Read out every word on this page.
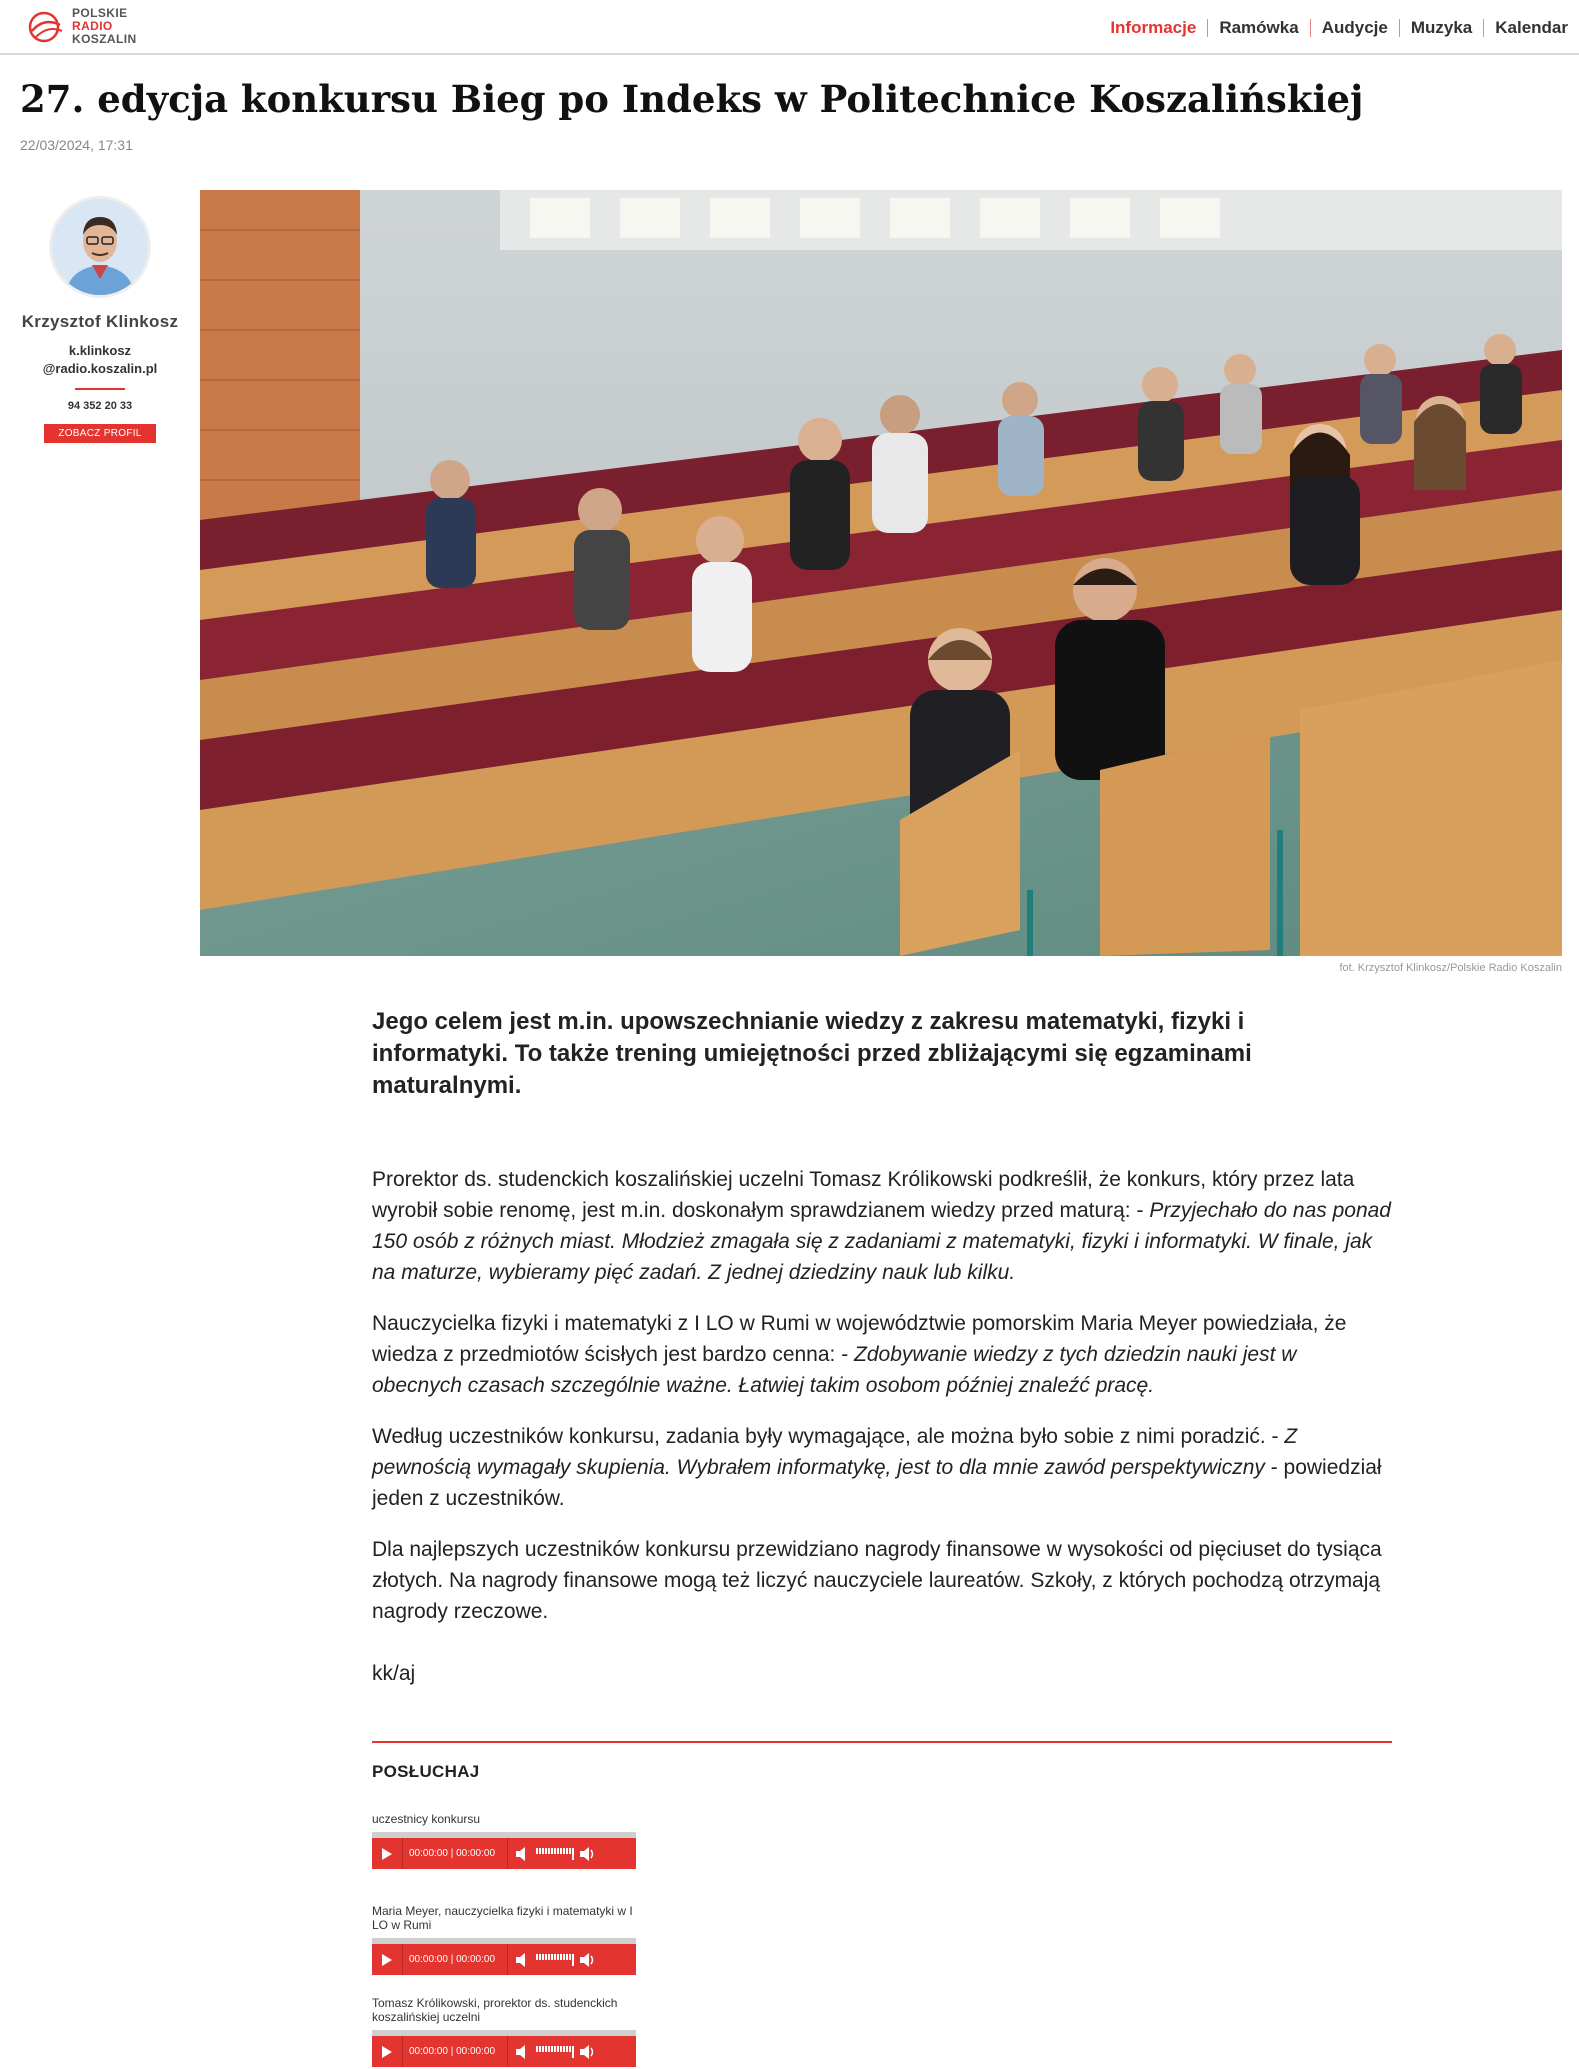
POLSKIE
RADIO
KOSZALIN
Informacje	Ramówka	Audycje	Muzyka	Kalendar
27. edycja konkursu Bieg po Indeks w Politechnice Koszalińskiej
22/03/2024, 17:31
Krzysztof Klinkosz
k.klinkosz
@radio.koszalin.pl
94 352 20 33
ZOBACZ PROFIL
fot. Krzysztof Klinkosz/Polskie Radio Koszalin

Jego celem jest m.in. upowszechnianie wiedzy z zakresu matematyki, fizyki i informatyki. To także trening umiejętności przed zbliżającymi się egzaminami maturalnymi.

Prorektor ds. studenckich koszalińskiej uczelni Tomasz Królikowski podkreślił, że konkurs, który przez lata wyrobił sobie renomę, jest m.in. doskonałym sprawdzianem wiedzy przed maturą: - Przyjechało do nas ponad 150 osób z różnych miast. Młodzież zmagała się z zadaniami z matematyki, fizyki i informatyki. W finale, jak na maturze, wybieramy pięć zadań. Z jednej dziedziny nauk lub kilku.

Nauczycielka fizyki i matematyki z I LO w Rumi w województwie pomorskim Maria Meyer powiedziała, że wiedza z przedmiotów ścisłych jest bardzo cenna: - Zdobywanie wiedzy z tych dziedzin nauki jest w obecnych czasach szczególnie ważne. Łatwiej takim osobom później znaleźć pracę.

Według uczestników konkursu, zadania były wymagające, ale można było sobie z nimi poradzić. - Z pewnością wymagały skupienia. Wybrałem informatykę, jest to dla mnie zawód perspektywiczny - powiedział jeden z uczestników.

Dla najlepszych uczestników konkursu przewidziano nagrody finansowe w wysokości od pięciuset do tysiąca złotych. Na nagrody finansowe mogą też liczyć nauczyciele laureatów. Szkoły, z których pochodzą otrzymają nagrody rzeczowe.

kk/aj
POSŁUCHAJ
uczestnicy konkursu
00:00:00 | 00:00:00
Maria Meyer, nauczycielka fizyki i matematyki w I LO w Rumi
00:00:00 | 00:00:00
Tomasz Królikowski, prorektor ds. studenckich koszalińskiej uczelni
00:00:00 | 00:00:00
